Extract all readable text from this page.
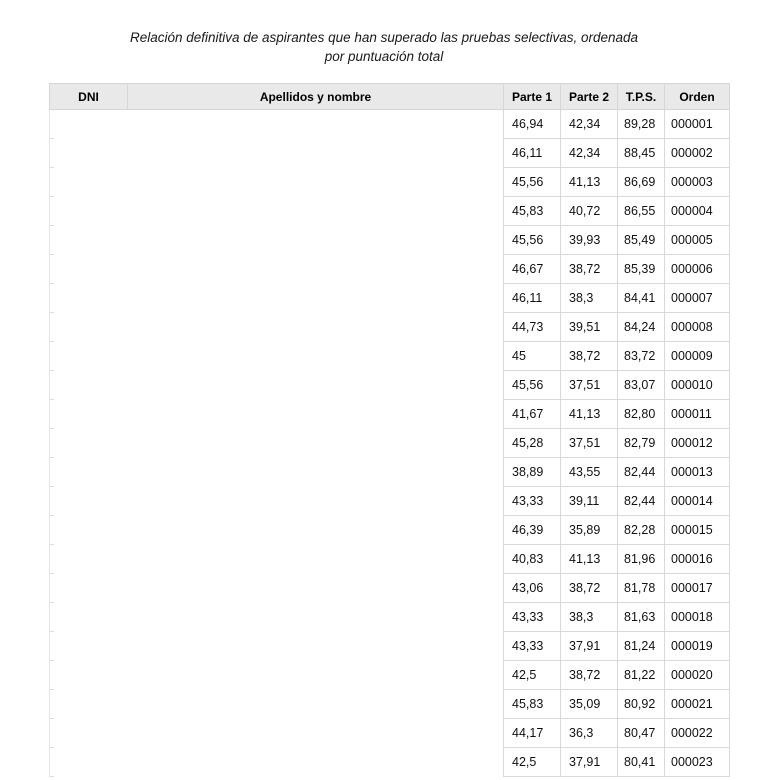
Relación definitiva de aspirantes que han superado las pruebas selectivas, ordenada
por puntuación total
DNI	Apellidos y nombre	Parte 1	Parte 2	T.P.S.	Orden
		46,94	42,34	89,28	000001
		46,11	42,34	88,45	000002
		45,56	41,13	86,69	000003
		45,83	40,72	86,55	000004
		45,56	39,93	85,49	000005
		46,67	38,72	85,39	000006
		46,11	38,3	84,41	000007
		44,73	39,51	84,24	000008
		45	38,72	83,72	000009
		45,56	37,51	83,07	000010
		41,67	41,13	82,80	000011
		45,28	37,51	82,79	000012
		38,89	43,55	82,44	000013
		43,33	39,11	82,44	000014
		46,39	35,89	82,28	000015
		40,83	41,13	81,96	000016
		43,06	38,72	81,78	000017
		43,33	38,3	81,63	000018
		43,33	37,91	81,24	000019
		42,5	38,72	81,22	000020
		45,83	35,09	80,92	000021
		44,17	36,3	80,47	000022
		42,5	37,91	80,41	000023
